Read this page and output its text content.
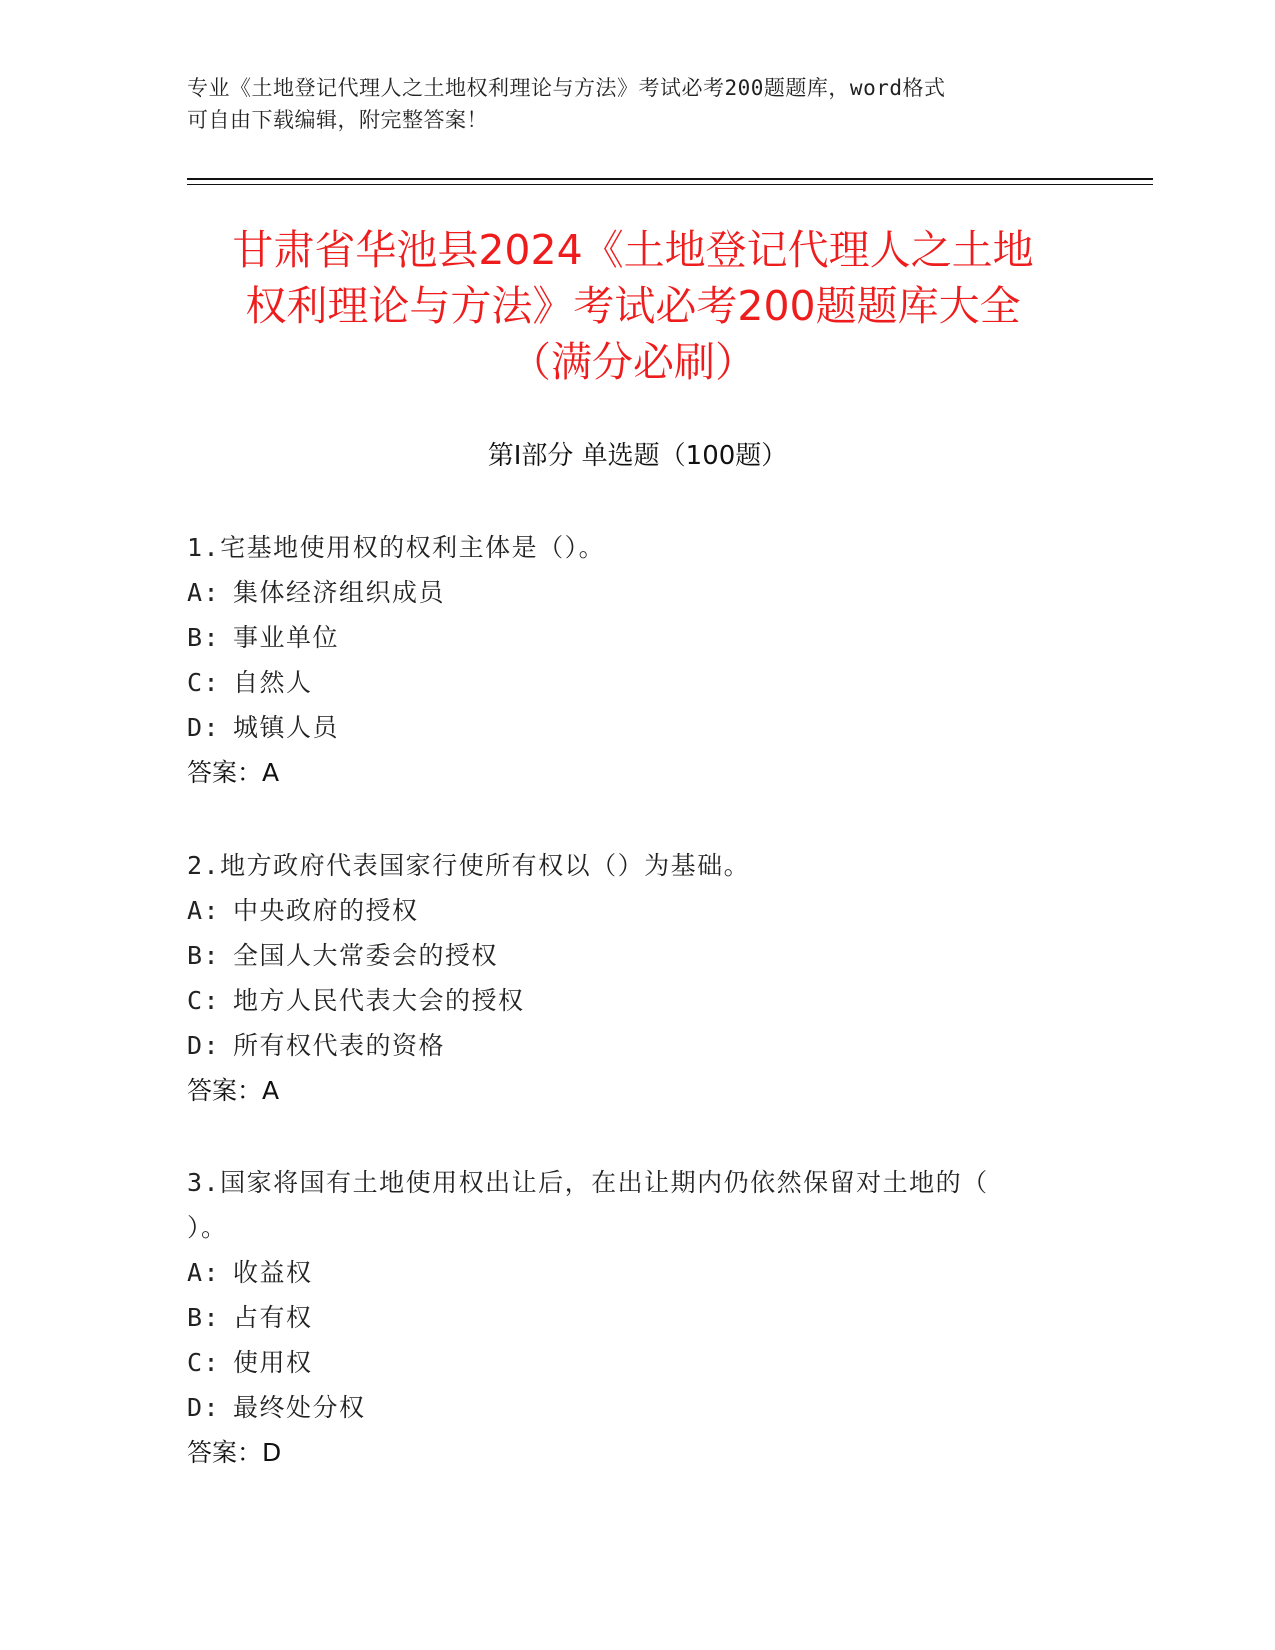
专业《土地登记代理人之土地权利理论与方法》考试必考200题题库，word格式
可自由下载编辑，附完整答案！
甘肃省华池县2024《土地登记代理人之土地
权利理论与方法》考试必考200题题库大全
（满分必刷）
第Ⅰ部分 单选题（100题）
1.宅基地使用权的权利主体是（）。
A: 集体经济组织成员
B: 事业单位
C: 自然人
D: 城镇人员
答案：A
2.地方政府代表国家行使所有权以（）为基础。
A: 中央政府的授权
B: 全国人大常委会的授权
C: 地方人民代表大会的授权
D: 所有权代表的资格
答案：A
3.国家将国有土地使用权出让后，在出让期内仍依然保留对土地的（
）。
A: 收益权
B: 占有权
C: 使用权
D: 最终处分权
答案：D
